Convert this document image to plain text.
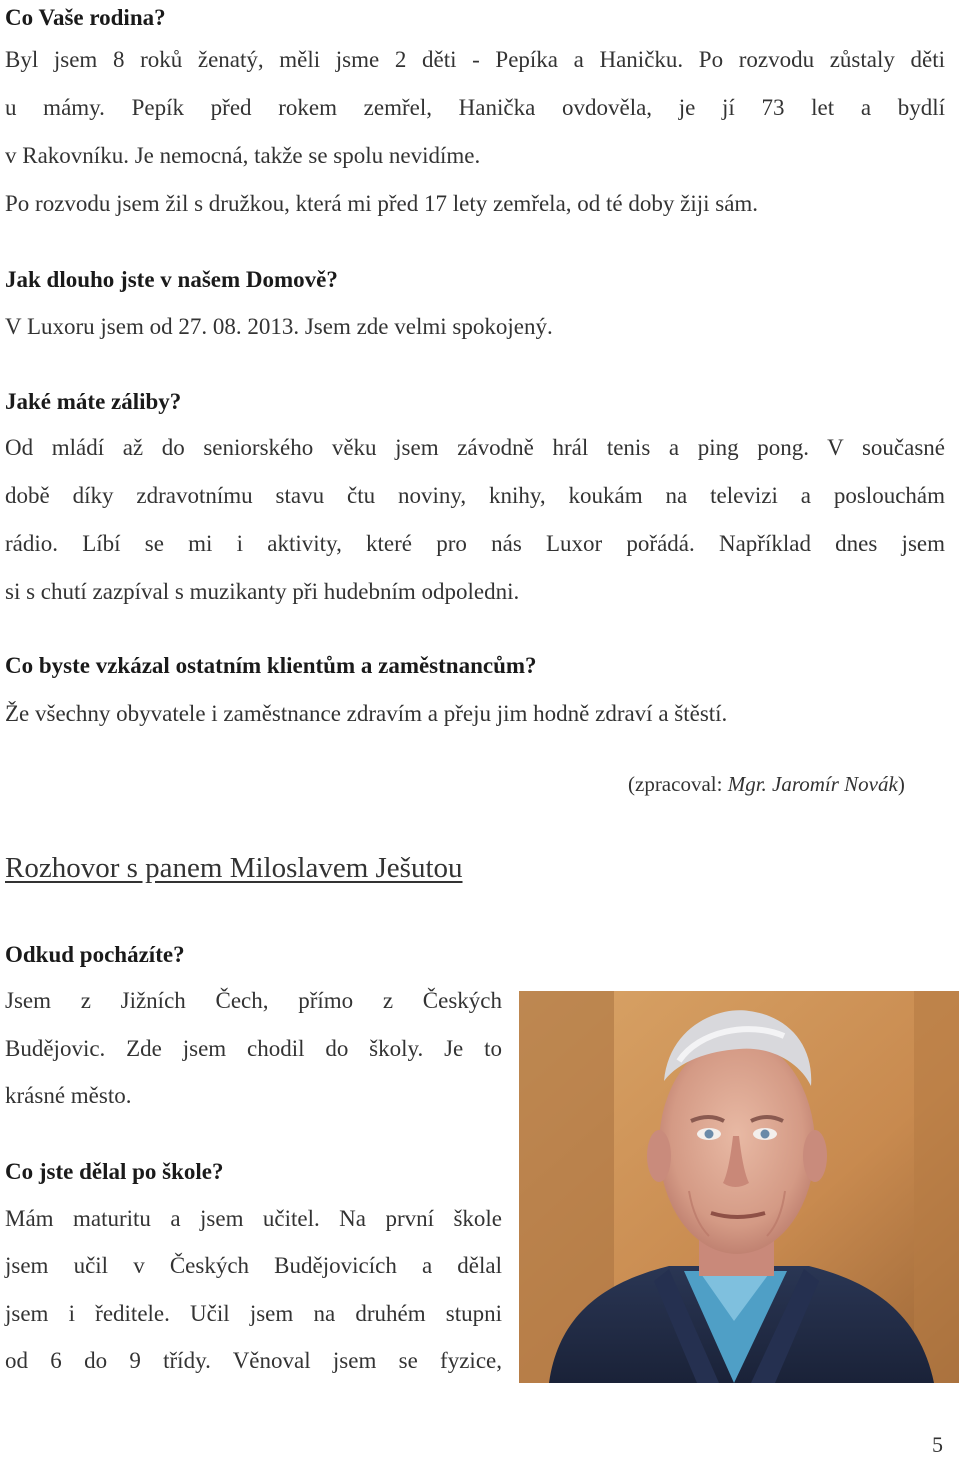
Co Vaše rodina?
Byl jsem 8 roků ženatý, měli jsme 2 děti - Pepíka a Haničku. Po rozvodu zůstaly děti
u mámy. Pepík před rokem zemřel, Hanička ovdověla, je jí 73 let a bydlí
v Rakovníku. Je nemocná, takže se spolu nevidíme.
Po rozvodu jsem žil s družkou, která mi před 17 lety zemřela, od té doby žiji sám.
Jak dlouho jste v našem Domově?
V Luxoru jsem od 27. 08. 2013. Jsem zde velmi spokojený.
Jaké máte záliby?
Od mládí až do seniorského věku jsem závodně hrál tenis a ping pong. V současné
době díky zdravotnímu stavu čtu noviny, knihy, koukám na televizi a poslouchám
rádio. Líbí se mi i aktivity, které pro nás Luxor pořádá. Například dnes jsem
si s chutí zazpíval s muzikanty při hudebním odpoledni.
Co byste vzkázal ostatním klientům a zaměstnancům?
Že všechny obyvatele i zaměstnance zdravím a přeju jim hodně zdraví a štěstí.
(zpracoval: Mgr. Jaromír Novák)
Rozhovor s panem Miloslavem Ješutou
Odkud pocházíte?
Jsem z Jižních Čech, přímo z Českých
Budějovic. Zde jsem chodil do školy. Je to
krásné město.
Co jste dělal po škole?
Mám maturitu a jsem učitel. Na první škole
jsem učil v Českých Budějovicích a dělal
jsem i ředitele. Učil jsem na druhém stupni
od 6 do 9 třídy. Věnoval jsem se fyzice,
5
